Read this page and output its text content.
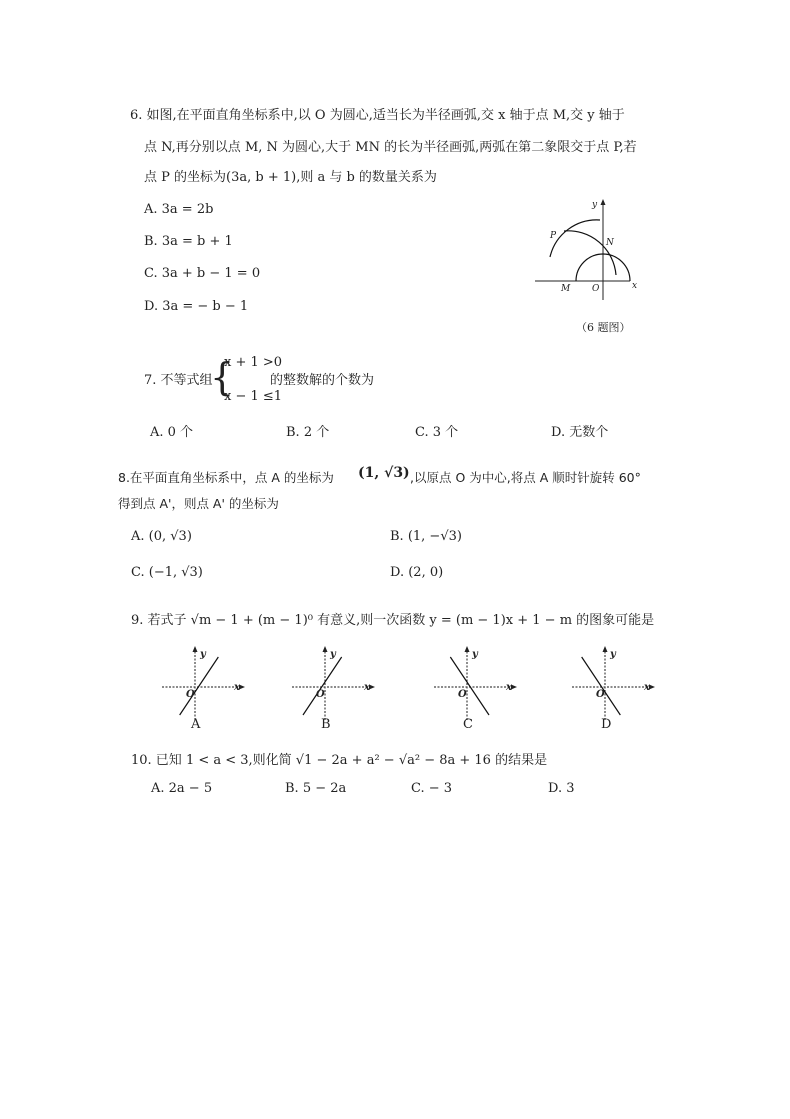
6. 如图,在平面直角坐标系中,以 O 为圆心,适当长为半径画弧,交 x 轴于点 M,交 y 轴于
点 N,再分别以点 M, N 为圆心,大于 MN 的长为半径画弧,两弧在第二象限交于点 P,若
点 P 的坐标为(3a, b + 1),则 a 与 b 的数量关系为
A. 3a = 2b
B. 3a = b + 1
C. 3a + b − 1 = 0
D. 3a = − b − 1
y
x
O
M
N
P
（6 题图）
7. 不等式组
{
x + 1 >0
x − 1 ≤1
的整数解的个数为
A. 0 个	B. 2 个	C. 3 个	D. 无数个
8.在平面直角坐标系中，点 A 的坐标为 (1, √3) ,以原点 O 为中心,将点 A 顺时针旋转 60°
得到点 A'，则点 A' 的坐标为
A. (0, √3)	B. (1, −√3)
C. (−1, √3)	D. (2, 0)
9. 若式子 √m − 1 + (m − 1)⁰ 有意义,则一次函数 y = (m − 1)x + 1 − m 的图象可能是
y
x
O
A
y
x
O
B
y
x
O
C
y
x
O
D
10. 已知 1 < a < 3,则化简 √1 − 2a + a² − √a² − 8a + 16 的结果是
A. 2a − 5	B. 5 − 2a	C. − 3	D. 3
